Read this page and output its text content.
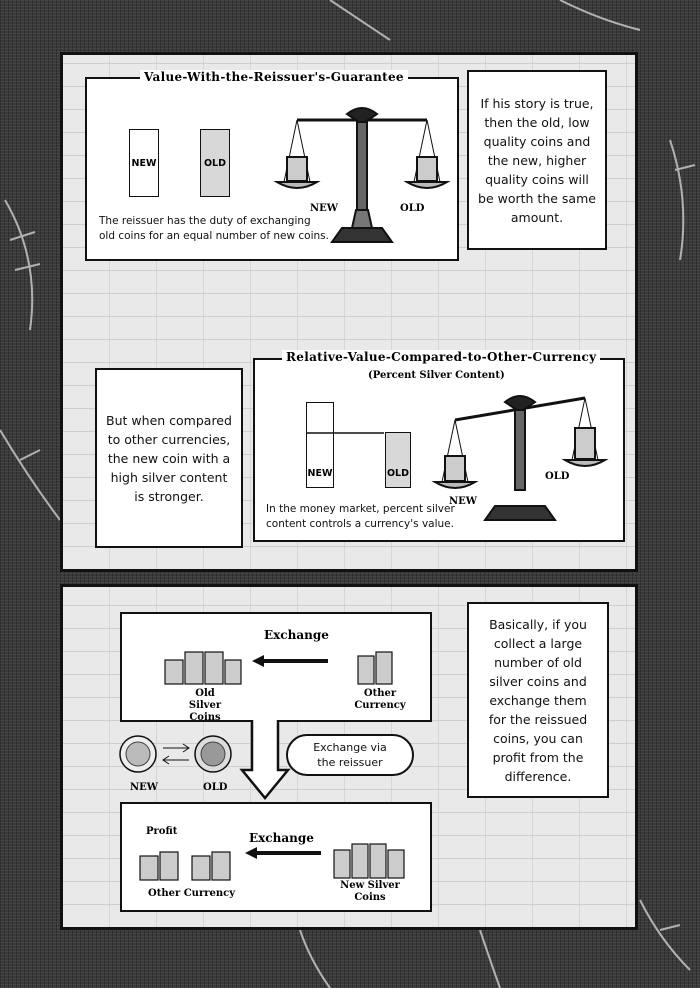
Value-With-the-Reissuer's-Guarantee
NEW	OLD
The reissuer has the duty of exchanging old coins for an equal number of new coins.
NEW	OLD
If his story is true, then the old, low quality coins and the new, higher quality coins will be worth the same amount.
But when compared to other currencies, the new coin with a high silver content is stronger.
Relative-Value-Compared-to-Other-Currency
(Percent Silver Content)
NEW	OLD
NEW
OLD
In the money market, percent silver content controls a currency's value.
Exchange
Old Silver Coins
Other Currency
NEW	OLD
Exchange via the reissuer
Profit	Exchange
Other Currency
New Silver Coins
Basically, if you collect a large number of old silver coins and exchange them for the reissued coins, you can profit from the difference.
